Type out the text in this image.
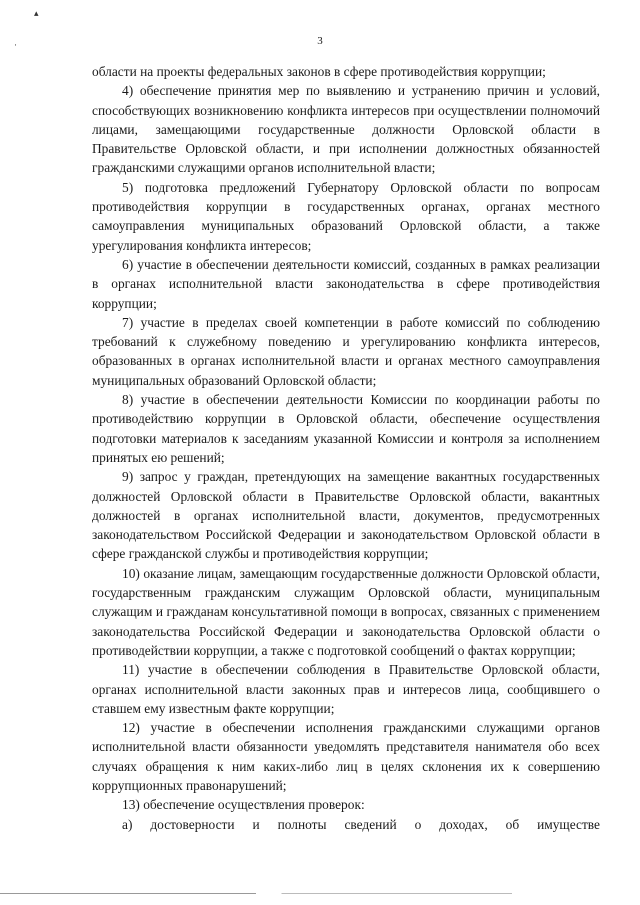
▴
·	3

области на проекты федеральных законов в сфере противодействия коррупции;

4) обеспечение принятия мер по выявлению и устранению причин и условий, способствующих возникновению конфликта интересов при осуществлении полномочий лицами, замещающими государственные должности Орловской области в Правительстве Орловской области, и при исполнении должностных обязанностей гражданскими служащими органов исполнительной власти;

5) подготовка предложений Губернатору Орловской области по вопросам противодействия коррупции в государственных органах, органах местного самоуправления муниципальных образований Орловской области, а также урегулирования конфликта интересов;

6) участие в обеспечении деятельности комиссий, созданных в рамках реализации в органах исполнительной власти законодательства в сфере противодействия коррупции;

7) участие в пределах своей компетенции в работе комиссий по соблюдению требований к служебному поведению и урегулированию конфликта интересов, образованных в органах исполнительной власти и органах местного самоуправления муниципальных образований Орловской области;

8) участие в обеспечении деятельности Комиссии по координации работы по противодействию коррупции в Орловской области, обеспечение осуществления подготовки материалов к заседаниям указанной Комиссии и контроля за исполнением принятых ею решений;

9) запрос у граждан, претендующих на замещение вакантных государственных должностей Орловской области в Правительстве Орловской области, вакантных должностей в органах исполнительной власти, документов, предусмотренных законодательством Российской Федерации и законодательством Орловской области в сфере гражданской службы и противодействия коррупции;

10) оказание лицам, замещающим государственные должности Орловской области, государственным гражданским служащим Орловской области, муниципальным служащим и гражданам консультативной помощи в вопросах, связанных с применением законодательства Российской Федерации и законодательства Орловской области о противодействии коррупции, а также с подготовкой сообщений о фактах коррупции;

11) участие в обеспечении соблюдения в Правительстве Орловской области, органах исполнительной власти законных прав и интересов лица, сообщившего о ставшем ему известным факте коррупции;

12) участие в обеспечении исполнения гражданскими служащими органов исполнительной власти обязанности уведомлять представителя нанимателя обо всех случаях обращения к ним каких-либо лиц в целях склонения их к совершению коррупционных правонарушений;

13) обеспечение осуществления проверок:

а) достоверности и полноты сведений о доходах, об имуществе
